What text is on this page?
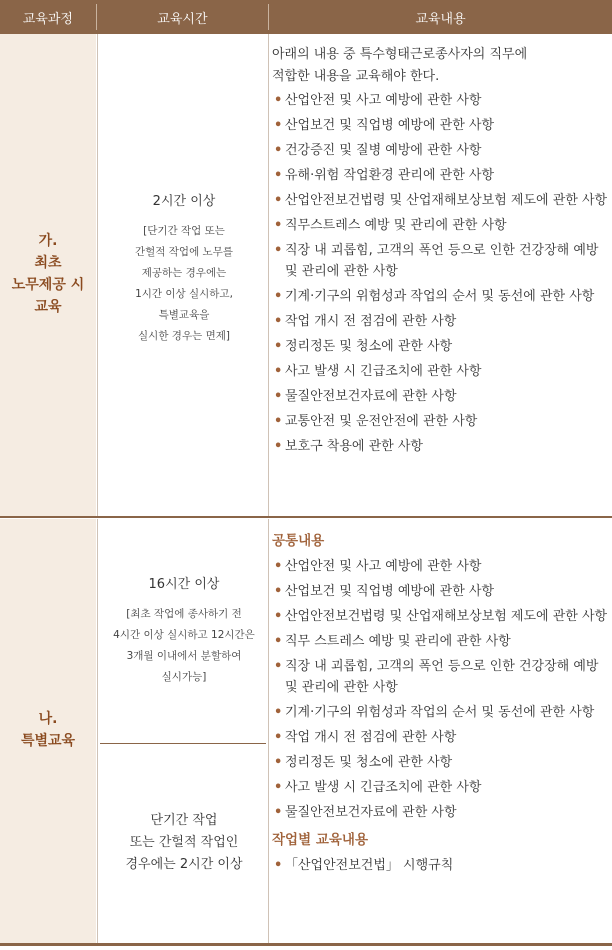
교육과정	교육시간	교육내용
가.
최초
노무제공 시
교육
2시간 이상
[단기간 작업 또는
간헐적 작업에 노무를
제공하는 경우에는
1시간 이상 실시하고,
특별교육을
실시한 경우는 면제]
아래의 내용 중 특수형태근로종사자의 직무에
적합한 내용을 교육해야 한다.
• 산업안전 및 사고 예방에 관한 사항
• 산업보건 및 직업병 예방에 관한 사항
• 건강증진 및 질병 예방에 관한 사항
• 유해·위험 작업환경 관리에 관한 사항
• 산업안전보건법령 및 산업재해보상보험 제도에 관한 사항
• 직무스트레스 예방 및 관리에 관한 사항
• 직장 내 괴롭힘, 고객의 폭언 등으로 인한 건강장해 예방 및 관리에 관한 사항
• 기계·기구의 위험성과 작업의 순서 및 동선에 관한 사항
• 작업 개시 전 점검에 관한 사항
• 정리정돈 및 청소에 관한 사항
• 사고 발생 시 긴급조치에 관한 사항
• 물질안전보건자료에 관한 사항
• 교통안전 및 운전안전에 관한 사항
• 보호구 착용에 관한 사항
나.
특별교육
16시간 이상
[최초 작업에 종사하기 전
4시간 이상 실시하고 12시간은
3개월 이내에서 분할하여
실시가능]
단기간 작업
또는 간헐적 작업인
경우에는 2시간 이상
공통내용
• 산업안전 및 사고 예방에 관한 사항
• 산업보건 및 직업병 예방에 관한 사항
• 산업안전보건법령 및 산업재해보상보험 제도에 관한 사항
• 직무 스트레스 예방 및 관리에 관한 사항
• 직장 내 괴롭힘, 고객의 폭언 등으로 인한 건강장해 예방 및 관리에 관한 사항
• 기계·기구의 위험성과 작업의 순서 및 동선에 관한 사항
• 작업 개시 전 점검에 관한 사항
• 정리정돈 및 청소에 관한 사항
• 사고 발생 시 긴급조치에 관한 사항
• 물질안전보건자료에 관한 사항
작업별 교육내용
• 「산업안전보건법」 시행규칙
